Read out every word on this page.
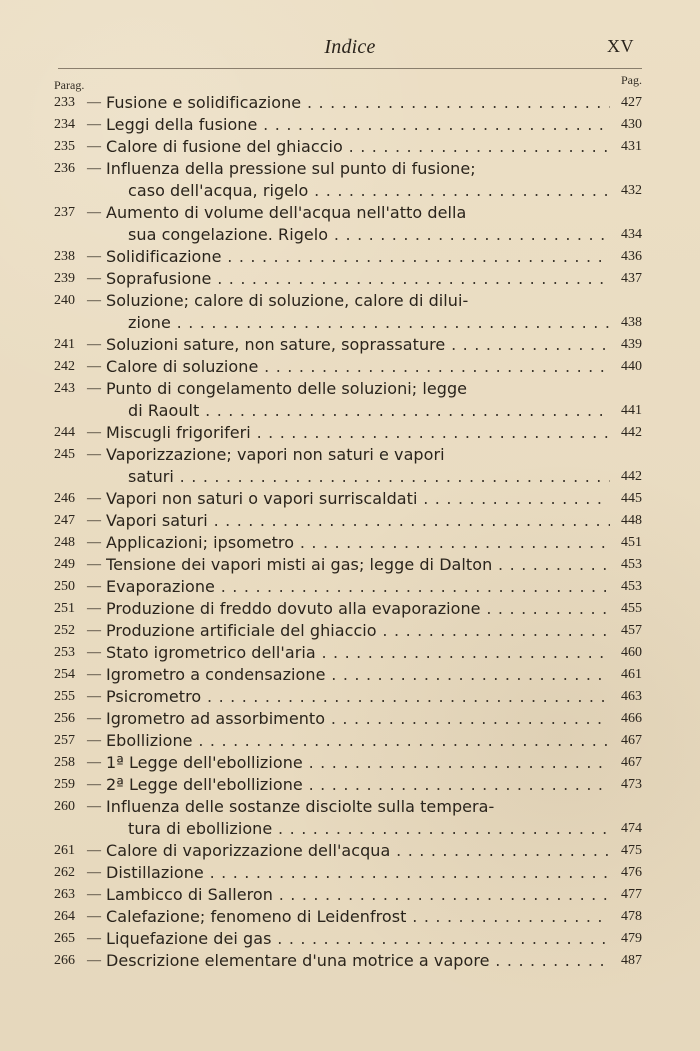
Indice	XV
Parag.	Pag.
233 — Fusione e solidificazione . . .	427
234 — Leggi della fusione . . .	430
235 — Calore di fusione del ghiaccio . . .	431
236 — Influenza della pressione sul punto di fusione;
caso dell'acqua, rigelo . . .	432
237 — Aumento di volume dell'acqua nell'atto della
sua congelazione. Rigelo . . .	434
238 — Solidificazione . . .	436
239 — Soprafusione . . .	437
240 — Soluzione; calore di soluzione, calore di dilui-
zione . . .	438
241 — Soluzioni sature, non sature, soprassature . . .	439
242 — Calore di soluzione . . .	440
243 — Punto di congelamento delle soluzioni; legge
di Raoult . . .	441
244 — Miscugli frigoriferi . . .	442
245 — Vaporizzazione; vapori non saturi e vapori
saturi . . .	442
246 — Vapori non saturi o vapori surriscaldati . . .	445
247 — Vapori saturi . . .	448
248 — Applicazioni; ipsometro . . .	451
249 — Tensione dei vapori misti ai gas; legge di Dalton . . .	453
250 — Evaporazione . . .	453
251 — Produzione di freddo dovuto alla evaporazione . . .	455
252 — Produzione artificiale del ghiaccio . . .	457
253 — Stato igrometrico dell'aria . . .	460
254 — Igrometro a condensazione . . .	461
255 — Psicrometro . . .	463
256 — Igrometro ad assorbimento . . .	466
257 — Ebollizione . . .	467
258 — 1ª Legge dell'ebollizione . . .	467
259 — 2ª Legge dell'ebollizione . . .	473
260 — Influenza delle sostanze disciolte sulla tempera-
tura di ebollizione . . .	474
261 — Calore di vaporizzazione dell'acqua . . .	475
262 — Distillazione . . .	476
263 — Lambicco di Salleron . . .	477
264 — Calefazione; fenomeno di Leidenfrost . . .	478
265 — Liquefazione dei gas . . .	479
266 — Descrizione elementare d'una motrice a vapore . . .	487
